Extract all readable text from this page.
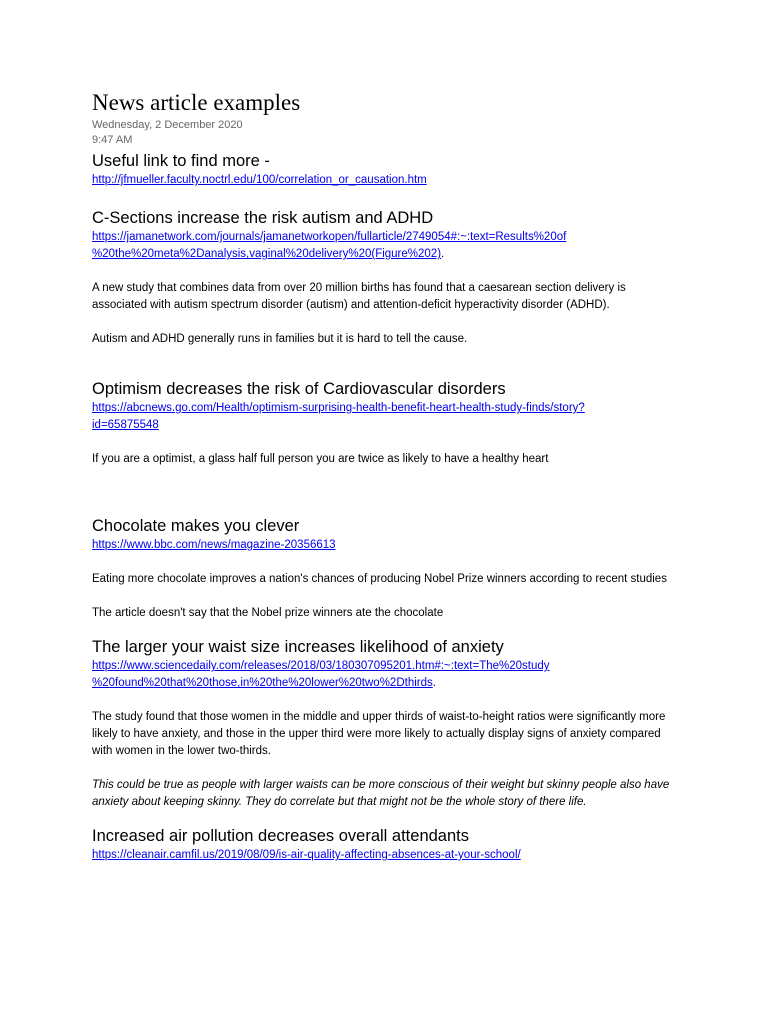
News article examples

Wednesday, 2 December 2020

9:47 AM

Useful link to find more -
http://jfmueller.faculty.noctrl.edu/100/correlation_or_causation.htm
C-Sections increase the risk autism and ADHD

https://jamanetwork.com/journals/jamanetworkopen/fullarticle/2749054#:~:text=Results%20of
%20the%20meta%2Danalysis,vaginal%20delivery%20(Figure%202).

A new study that combines data from over 20 million births has found that a caesarean section delivery is associated with autism spectrum disorder (autism) and attention-deficit hyperactivity disorder (ADHD).

Autism and ADHD generally runs in families but it is hard to tell the cause.

Optimism decreases the risk of Cardiovascular disorders

https://abcnews.go.com/Health/optimism-surprising-health-benefit-heart-health-study-finds/story?
id=65875548

If you are a optimist, a glass half full person you are twice as likely to have a healthy heart

Chocolate makes you clever
https://www.bbc.com/news/magazine-20356613

Eating more chocolate improves a nation's chances of producing Nobel Prize winners according to recent studies

The article doesn't say that the Nobel prize winners ate the chocolate

The larger your waist size increases likelihood of anxiety

https://www.sciencedaily.com/releases/2018/03/180307095201.htm#:~:text=The%20study
%20found%20that%20those,in%20the%20lower%20two%2Dthirds.

The study found that those women in the middle and upper thirds of waist-to-height ratios were significantly more likely to have anxiety, and those in the upper third were more likely to actually display signs of anxiety compared with women in the lower two-thirds.

This could be true as people with larger waists can be more conscious of their weight but skinny people also have anxiety about keeping skinny. They do correlate but that might not be the whole story of there life.

Increased air pollution decreases overall attendants
https://cleanair.camfil.us/2019/08/09/is-air-quality-affecting-absences-at-your-school/
